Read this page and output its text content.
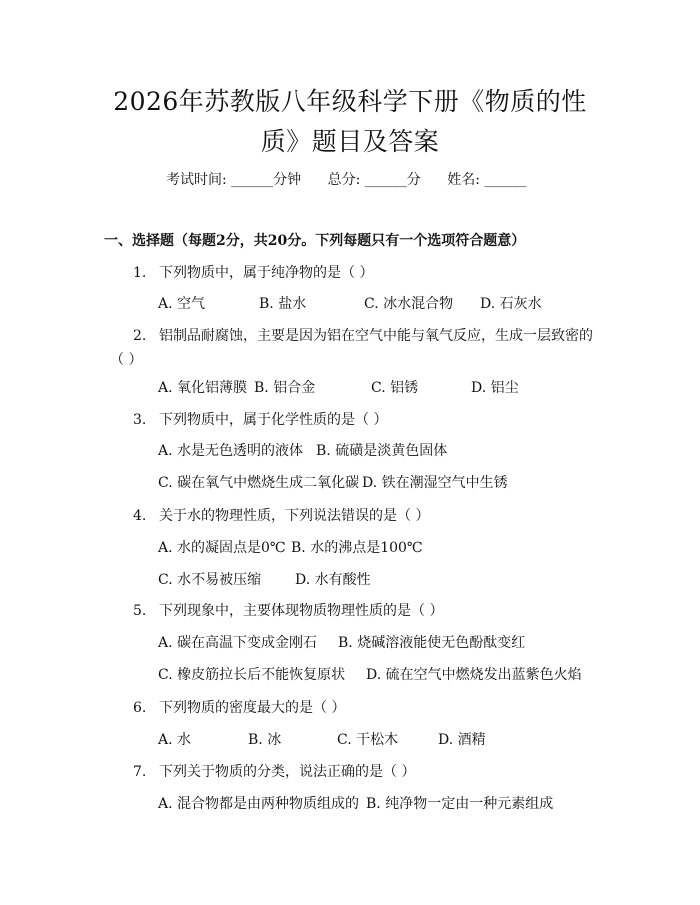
2026年苏教版八年级科学下册《物质的性
质》题目及答案
考试时间: ______分钟 总分: ______分 姓名: ______
一、选择题（每题2分，共20分。下列每题只有一个选项符合题意）
1. 下列物质中，属于纯净物的是（ ）
A. 空气	B. 盐水	C. 冰水混合物 D. 石灰水
2. 铝制品耐腐蚀，主要是因为铝在空气中能与氧气反应，生成一层致密的
（ ）
A. 氧化铝薄膜 B. 铝合金	C. 铝锈	D. 铝尘
3. 下列物质中，属于化学性质的是（ ）
A. 水是无色透明的液体 B. 硫磺是淡黄色固体
C. 碳在氧气中燃烧生成二氧化碳 D. 铁在潮湿空气中生锈
4. 关于水的物理性质，下列说法错误的是（ ）
A. 水的凝固点是0℃ B. 水的沸点是100℃
C. 水不易被压缩 D. 水有酸性
5. 下列现象中，主要体现物质物理性质的是（ ）
A. 碳在高温下变成金刚石 B. 烧碱溶液能使无色酚酞变红
C. 橡皮筋拉长后不能恢复原状 D. 硫在空气中燃烧发出蓝紫色火焰
6. 下列物质的密度最大的是（ ）
A. 水	B. 冰	C. 干松木	D. 酒精
7. 下列关于物质的分类，说法正确的是（ ）
A. 混合物都是由两种物质组成的 B. 纯净物一定由一种元素组成
